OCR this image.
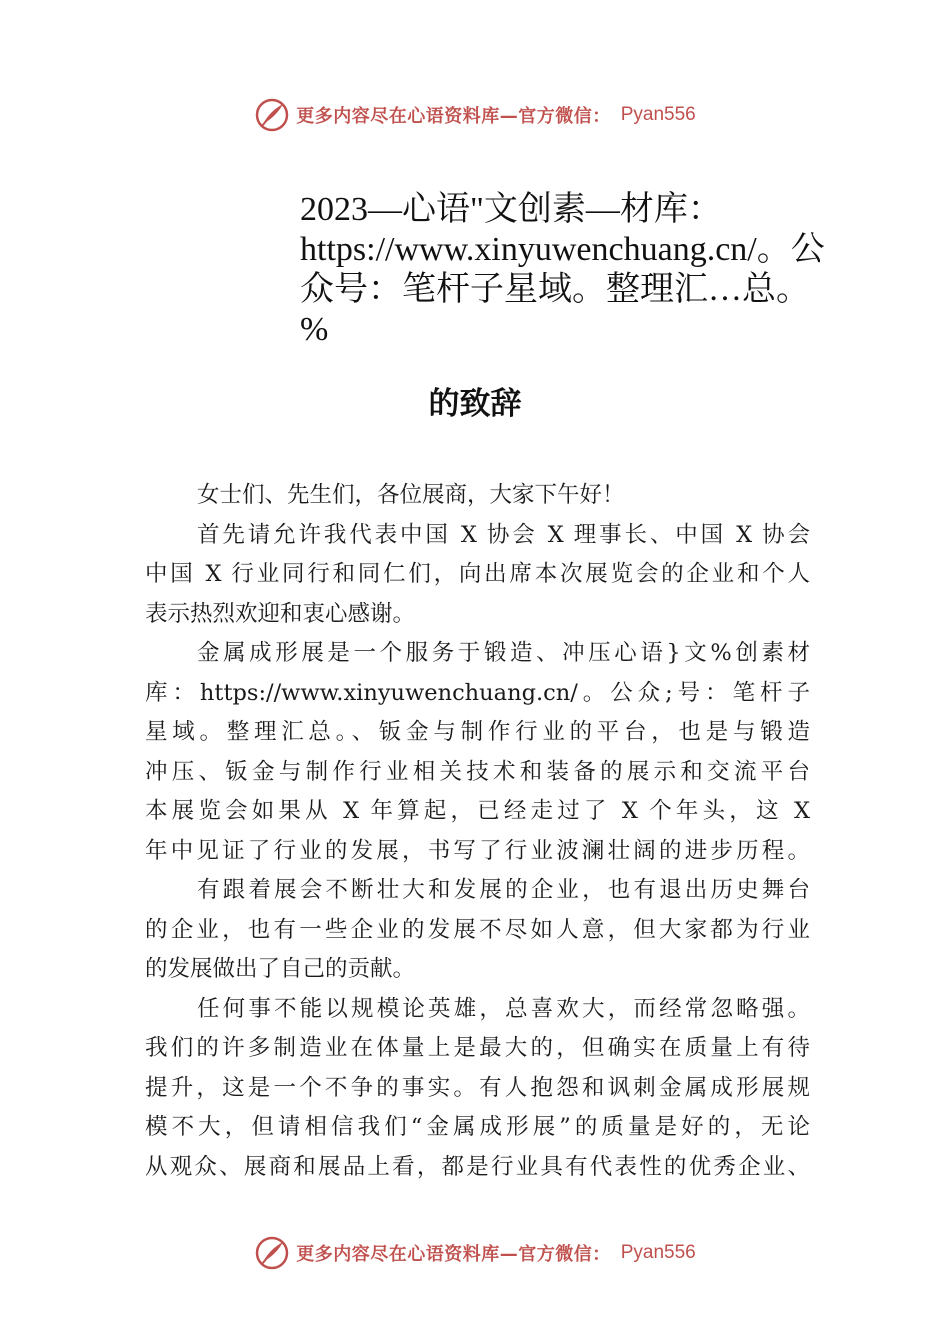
更多内容尽在心语资料库—官方微信： Pyan556
2023—心语"文创素—材库：
https://www.xinyuwenchuang.cn/。公
众号：笔杆子星域。整理汇…总。
%
的致辞
女士们、先生们，各位展商，大家下午好！
首先请允许我代表中国 X 协会 X 理事长、中国 X 协会
中国 X 行业同行和同仁们，向出席本次展览会的企业和个人
表示热烈欢迎和衷心感谢。
金属成形展是一个服务于锻造、冲压心语}文%创素材
库：https://www.xinyuwenchuang.cn/。公众;号：笔杆子
星域。整理汇总。、钣金与制作行业的平台，也是与锻造
冲压、钣金与制作行业相关技术和装备的展示和交流平台
本展览会如果从 X 年算起，已经走过了 X 个年头，这 X
年中见证了行业的发展，书写了行业波澜壮阔的进步历程。
有跟着展会不断壮大和发展的企业，也有退出历史舞台
的企业，也有一些企业的发展不尽如人意，但大家都为行业
的发展做出了自己的贡献。
任何事不能以规模论英雄，总喜欢大，而经常忽略强。
我们的许多制造业在体量上是最大的，但确实在质量上有待
提升，这是一个不争的事实。有人抱怨和讽刺金属成形展规
模不大，但请相信我们“金属成形展”的质量是好的，无论
从观众、展商和展品上看，都是行业具有代表性的优秀企业、
更多内容尽在心语资料库—官方微信： Pyan556
